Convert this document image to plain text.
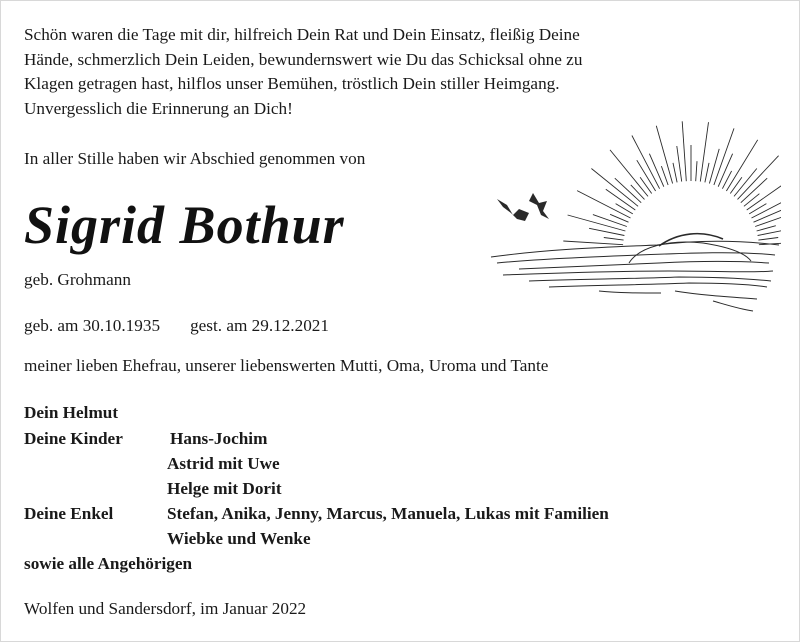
Schön waren die Tage mit dir, hilfreich Dein Rat und Dein Einsatz, fleißig Deine
Hände, schmerzlich Dein Leiden, bewundernswert wie Du das Schicksal ohne zu
Klagen getragen hast, hilflos unser Bemühen, tröstlich Dein stiller Heimgang.
Unvergesslich die Erinnerung an Dich!

In aller Stille haben wir Abschied genommen von

Sigrid Bothur

geb. Grohmann

geb. am 30.10.1935 gest. am 29.12.2021

meiner lieben Ehefrau, unserer liebenswerten Mutti, Oma, Uroma und Tante

Dein Helmut
Deine Kinder	Hans-Jochim
Astrid mit Uwe
Helge mit Dorit
Deine Enkel	Stefan, Anika, Jenny, Marcus, Manuela, Lukas mit Familien
Wiebke und Wenke
sowie alle Angehörigen

Wolfen und Sandersdorf, im Januar 2022
